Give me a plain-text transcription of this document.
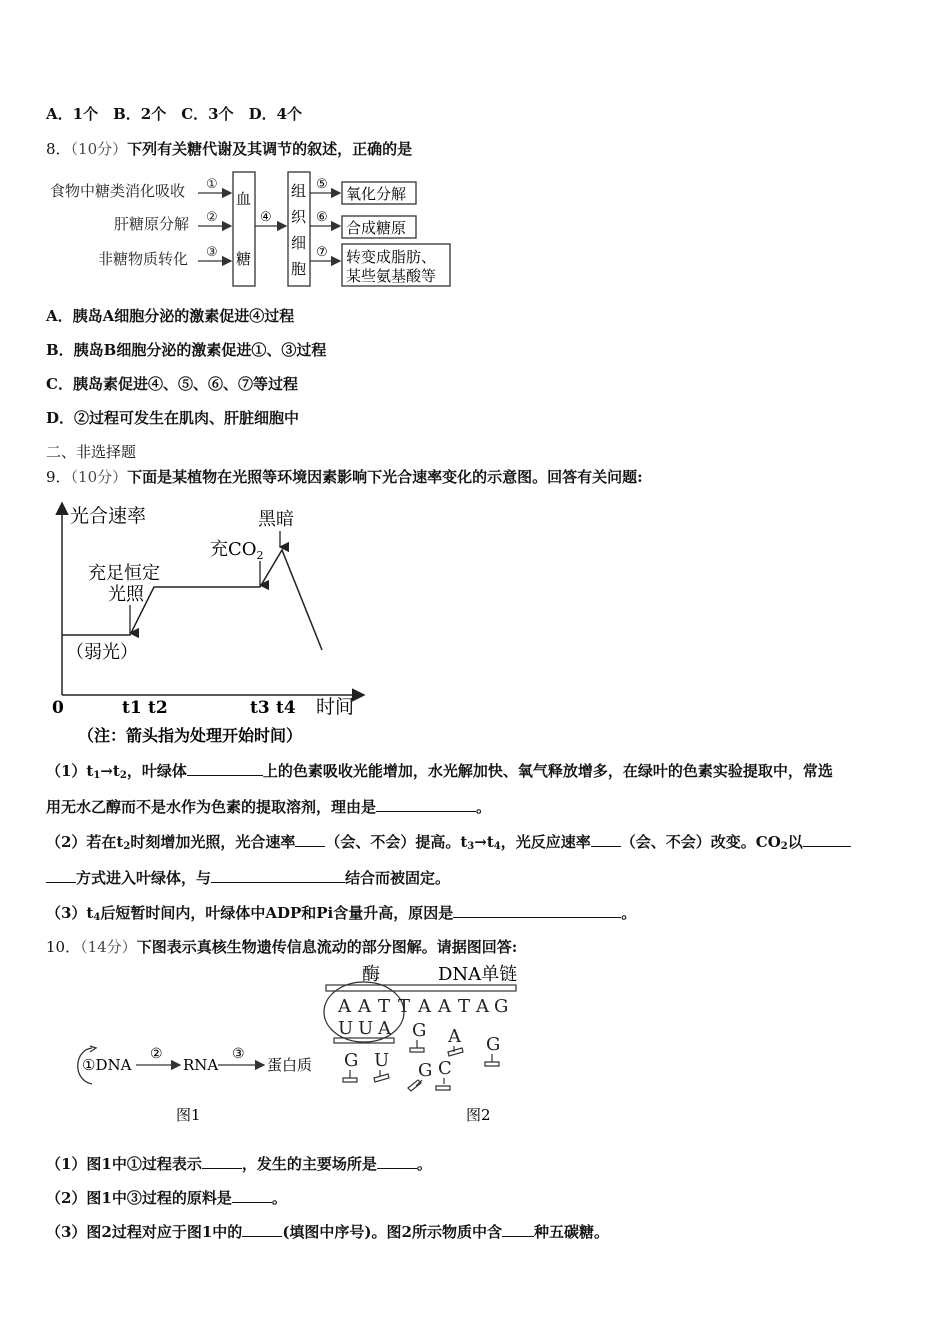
A．1个　B．2个　C．3个　D．4个
8．（10分）下列有关糖代谢及其调节的叙述，正确的是
食物中糖类消化吸收
肝糖原分解
非糖物质转化
①
②
③
血
糖
④
组
织
细
胞
⑤
⑥
⑦
氧化分解
合成糖原
转变成脂肪、
某些氨基酸等
A．胰岛A细胞分泌的激素促进④过程
B．胰岛B细胞分泌的激素促进①、③过程
C．胰岛素促进④、⑤、⑥、⑦等过程
D．②过程可发生在肌肉、肝脏细胞中
二、非选择题
9．（10分）下面是某植物在光照等环境因素影响下光合速率变化的示意图。回答有关问题:
光合速率
时间
0	t1 t2	t3 t4
（弱光）
充足恒定
光照
充$CO_2$
黑暗
（注：箭头指为处理开始时间）
$(1)t_1\to t_2$，叶绿体	上的色素吸收光能增加，水光解加快、氧气释放增多，在绿叶的色素实验提取中，常选
用无水乙醇而不是水作为色素的提取溶剂，理由是	。
（2）若在$t_2$时刻增加光照，光合速率 （会、不会）提高。$t_3\to t_4$，光反应速率 （会、不会）改变。$CO_2$以
方式进入叶绿体，与	结合而被固定。
$(3)t_4$后短暂时间内，叶绿体中ADP和Pi含量升高，原因是	。
10．（14分）下图表示真核生物遗传信息流动的部分图解。请据图回答:
①DNA
②
RNA
③
蛋白质
图1
酶	DNA单链
A A T T A A T A G
U U A G A G
G U G C
图2
（1）图1中①过程表示	，发生的主要场所是	。
（2）图1中③过程的原料是	。
（3）图2过程对应于图1中的	(填图中序号)。图2所示物质中含 种五碳糖。
